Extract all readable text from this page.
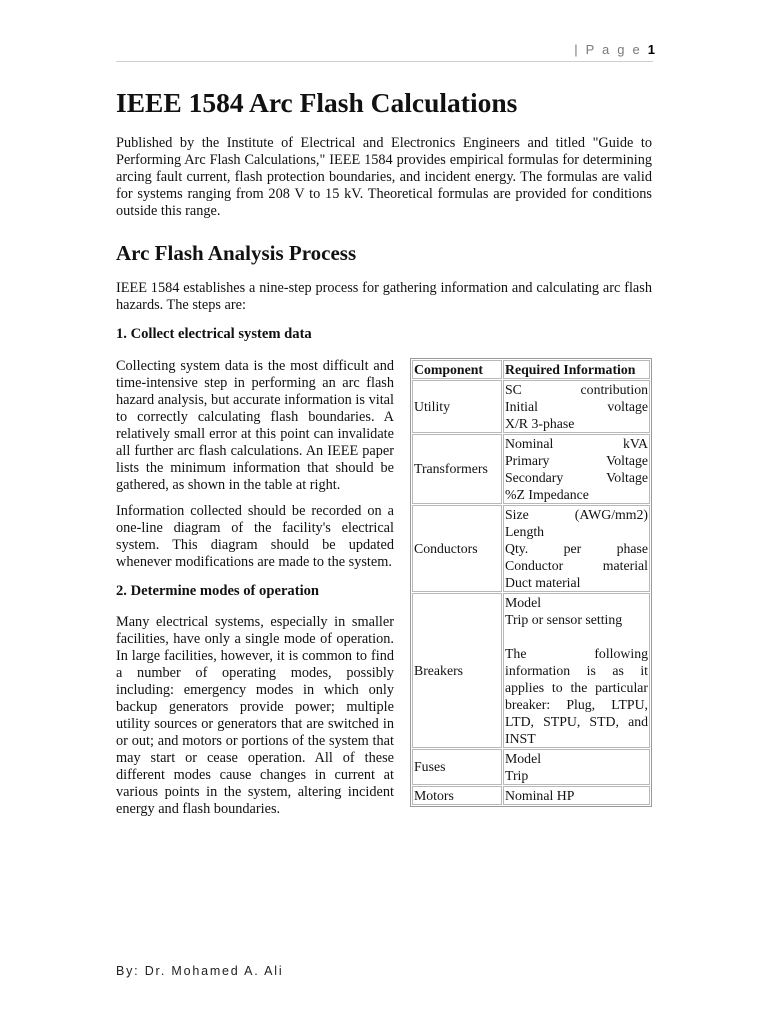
| P a g e 1
IEEE 1584 Arc Flash Calculations

Published by the Institute of Electrical and Electronics Engineers and titled "Guide to Performing Arc Flash Calculations," IEEE 1584 provides empirical formulas for determining arcing fault current, flash protection boundaries, and incident energy. The formulas are valid for systems ranging from 208 V to 15 kV. Theoretical formulas are provided for conditions outside this range.

Arc Flash Analysis Process

IEEE 1584 establishes a nine-step process for gathering information and calculating arc flash hazards. The steps are:

1. Collect electrical system data
Component	Required Information
Utility	SC contribution
Initial voltage
X/R 3-phase

Transformers	Nominal kVA
Primary Voltage
Secondary Voltage
%Z Impedance

Conductors	Size (AWG/mm2)
Length
Qty. per phase
Conductor material
Duct material

Breakers	Model
Trip or sensor setting
The following information is as it applies to the particular breaker: Plug, LTPU, LTD, STPU, STD, and INST

Fuses	Model
Trip

Motors	Nominal HP

Collecting system data is the most difficult and time-intensive step in performing an arc flash hazard analysis, but accurate information is vital to correctly calculating flash boundaries. A relatively small error at this point can invalidate all further arc flash calculations. An IEEE paper lists the minimum information that should be gathered, as shown in the table at right.

Information collected should be recorded on a one-line diagram of the facility's electrical system. This diagram should be updated whenever modifications are made to the system.

2. Determine modes of operation

Many electrical systems, especially in smaller facilities, have only a single mode of operation. In large facilities, however, it is common to find a number of operating modes, possibly including: emergency modes in which only backup generators provide power; multiple utility sources or generators that are switched in or out; and motors or portions of the system that may start or cease operation. All of these different modes cause changes in current at various points in the system, altering incident energy and flash boundaries.

By: Dr. Mohamed A. Ali
